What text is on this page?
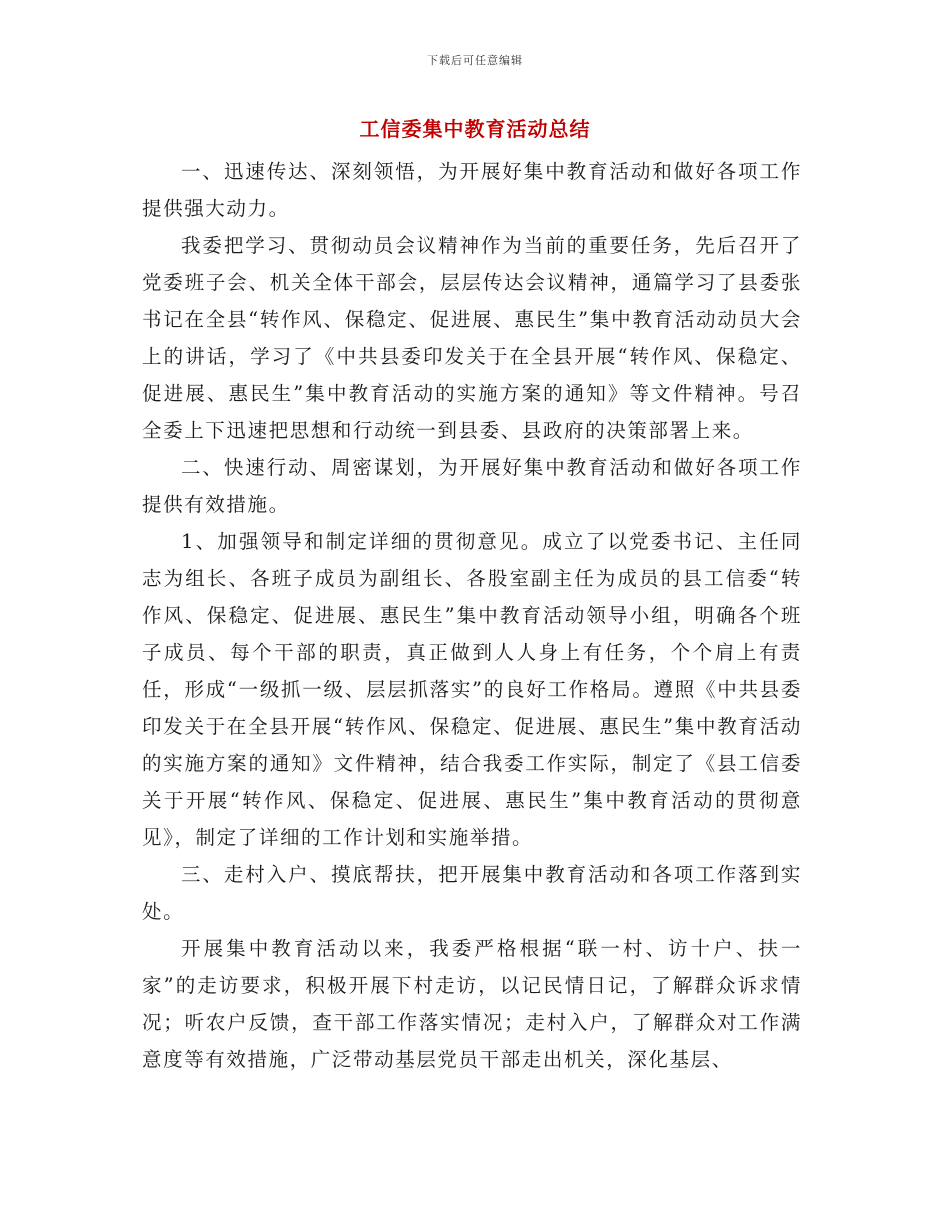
下载后可任意编辑
工信委集中教育活动总结

一、迅速传达、深刻领悟，为开展好集中教育活动和做好各项工作提供强大动力。

我委把学习、贯彻动员会议精神作为当前的重要任务，先后召开了党委班子会、机关全体干部会，层层传达会议精神，通篇学习了县委张书记在全县“转作风、保稳定、促进展、惠民生”集中教育活动动员大会上的讲话，学习了《中共县委印发关于在全县开展“转作风、保稳定、促进展、惠民生”集中教育活动的实施方案的通知》等文件精神。号召全委上下迅速把思想和行动统一到县委、县政府的决策部署上来。

二、快速行动、周密谋划，为开展好集中教育活动和做好各项工作提供有效措施。

1、加强领导和制定详细的贯彻意见。成立了以党委书记、主任同志为组长、各班子成员为副组长、各股室副主任为成员的县工信委“转作风、保稳定、促进展、惠民生”集中教育活动领导小组，明确各个班子成员、每个干部的职责，真正做到人人身上有任务，个个肩上有责任，形成“一级抓一级、层层抓落实”的良好工作格局。遵照《中共县委印发关于在全县开展“转作风、保稳定、促进展、惠民生”集中教育活动的实施方案的通知》文件精神，结合我委工作实际，制定了《县工信委关于开展“转作风、保稳定、促进展、惠民生”集中教育活动的贯彻意见》，制定了详细的工作计划和实施举措。

三、走村入户、摸底帮扶，把开展集中教育活动和各项工作落到实处。

开展集中教育活动以来，我委严格根据“联一村、访十户、扶一家”的走访要求，积极开展下村走访，以记民情日记，了解群众诉求情况；听农户反馈，查干部工作落实情况；走村入户，了解群众对工作满意度等有效措施，广泛带动基层党员干部走出机关，深化基层、
